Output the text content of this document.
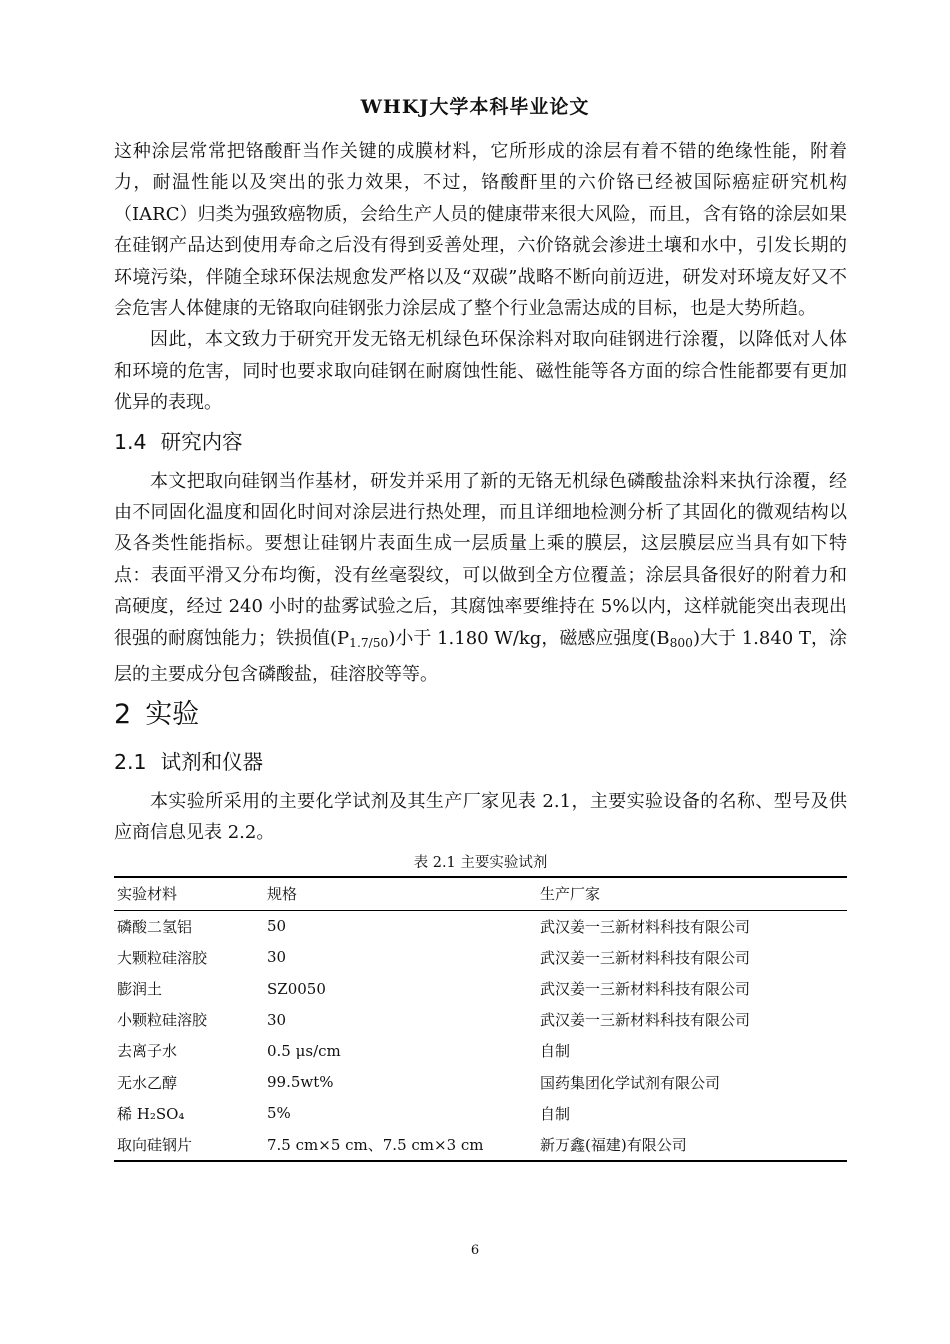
WHKJ大学本科毕业论文

这种涂层常常把铬酸酐当作关键的成膜材料，它所形成的涂层有着不错的绝缘性能，附着力，耐温性能以及突出的张力效果，不过，铬酸酐里的六价铬已经被国际癌症研究机构（IARC）归类为强致癌物质，会给生产人员的健康带来很大风险，而且，含有铬的涂层如果在硅钢产品达到使用寿命之后没有得到妥善处理，六价铬就会渗进土壤和水中，引发长期的环境污染，伴随全球环保法规愈发严格以及“双碳”战略不断向前迈进，研发对环境友好又不会危害人体健康的无铬取向硅钢张力涂层成了整个行业急需达成的目标，也是大势所趋。

因此，本文致力于研究开发无铬无机绿色环保涂料对取向硅钢进行涂覆，以降低对人体和环境的危害，同时也要求取向硅钢在耐腐蚀性能、磁性能等各方面的综合性能都要有更加优异的表现。

1.4 研究内容

本文把取向硅钢当作基材，研发并采用了新的无铬无机绿色磷酸盐涂料来执行涂覆，经由不同固化温度和固化时间对涂层进行热处理，而且详细地检测分析了其固化的微观结构以及各类性能指标。要想让硅钢片表面生成一层质量上乘的膜层，这层膜层应当具有如下特点：表面平滑又分布均衡，没有丝毫裂纹，可以做到全方位覆盖；涂层具备很好的附着力和高硬度，经过 240 小时的盐雾试验之后，其腐蚀率要维持在 5%以内，这样就能突出表现出很强的耐腐蚀能力；铁损值$(P_{1.7/50})$小于 1.180 W/kg，磁感应强度$(B_{800})$大于 1.840 T，涂层的主要成分包含磷酸盐，硅溶胶等等。

2 实验
2.1 试剂和仪器

本实验所采用的主要化学试剂及其生产厂家见表 2.1，主要实验设备的名称、型号及供应商信息见表 2.2。

表 2.1 主要实验试剂

实验材料	规格	生产厂家
磷酸二氢铝	50	武汉姜一三新材料科技有限公司
大颗粒硅溶胶	30	武汉姜一三新材料科技有限公司
膨润土	SZ0050	武汉姜一三新材料科技有限公司
小颗粒硅溶胶	30	武汉姜一三新材料科技有限公司
去离子水	0.5 μs/cm	自制
无水乙醇	99.5wt%	国药集团化学试剂有限公司
稀 H₂SO₄	5%	自制
取向硅钢片	7.5 cm×5 cm、7.5 cm×3 cm	新万鑫(福建)有限公司
6
